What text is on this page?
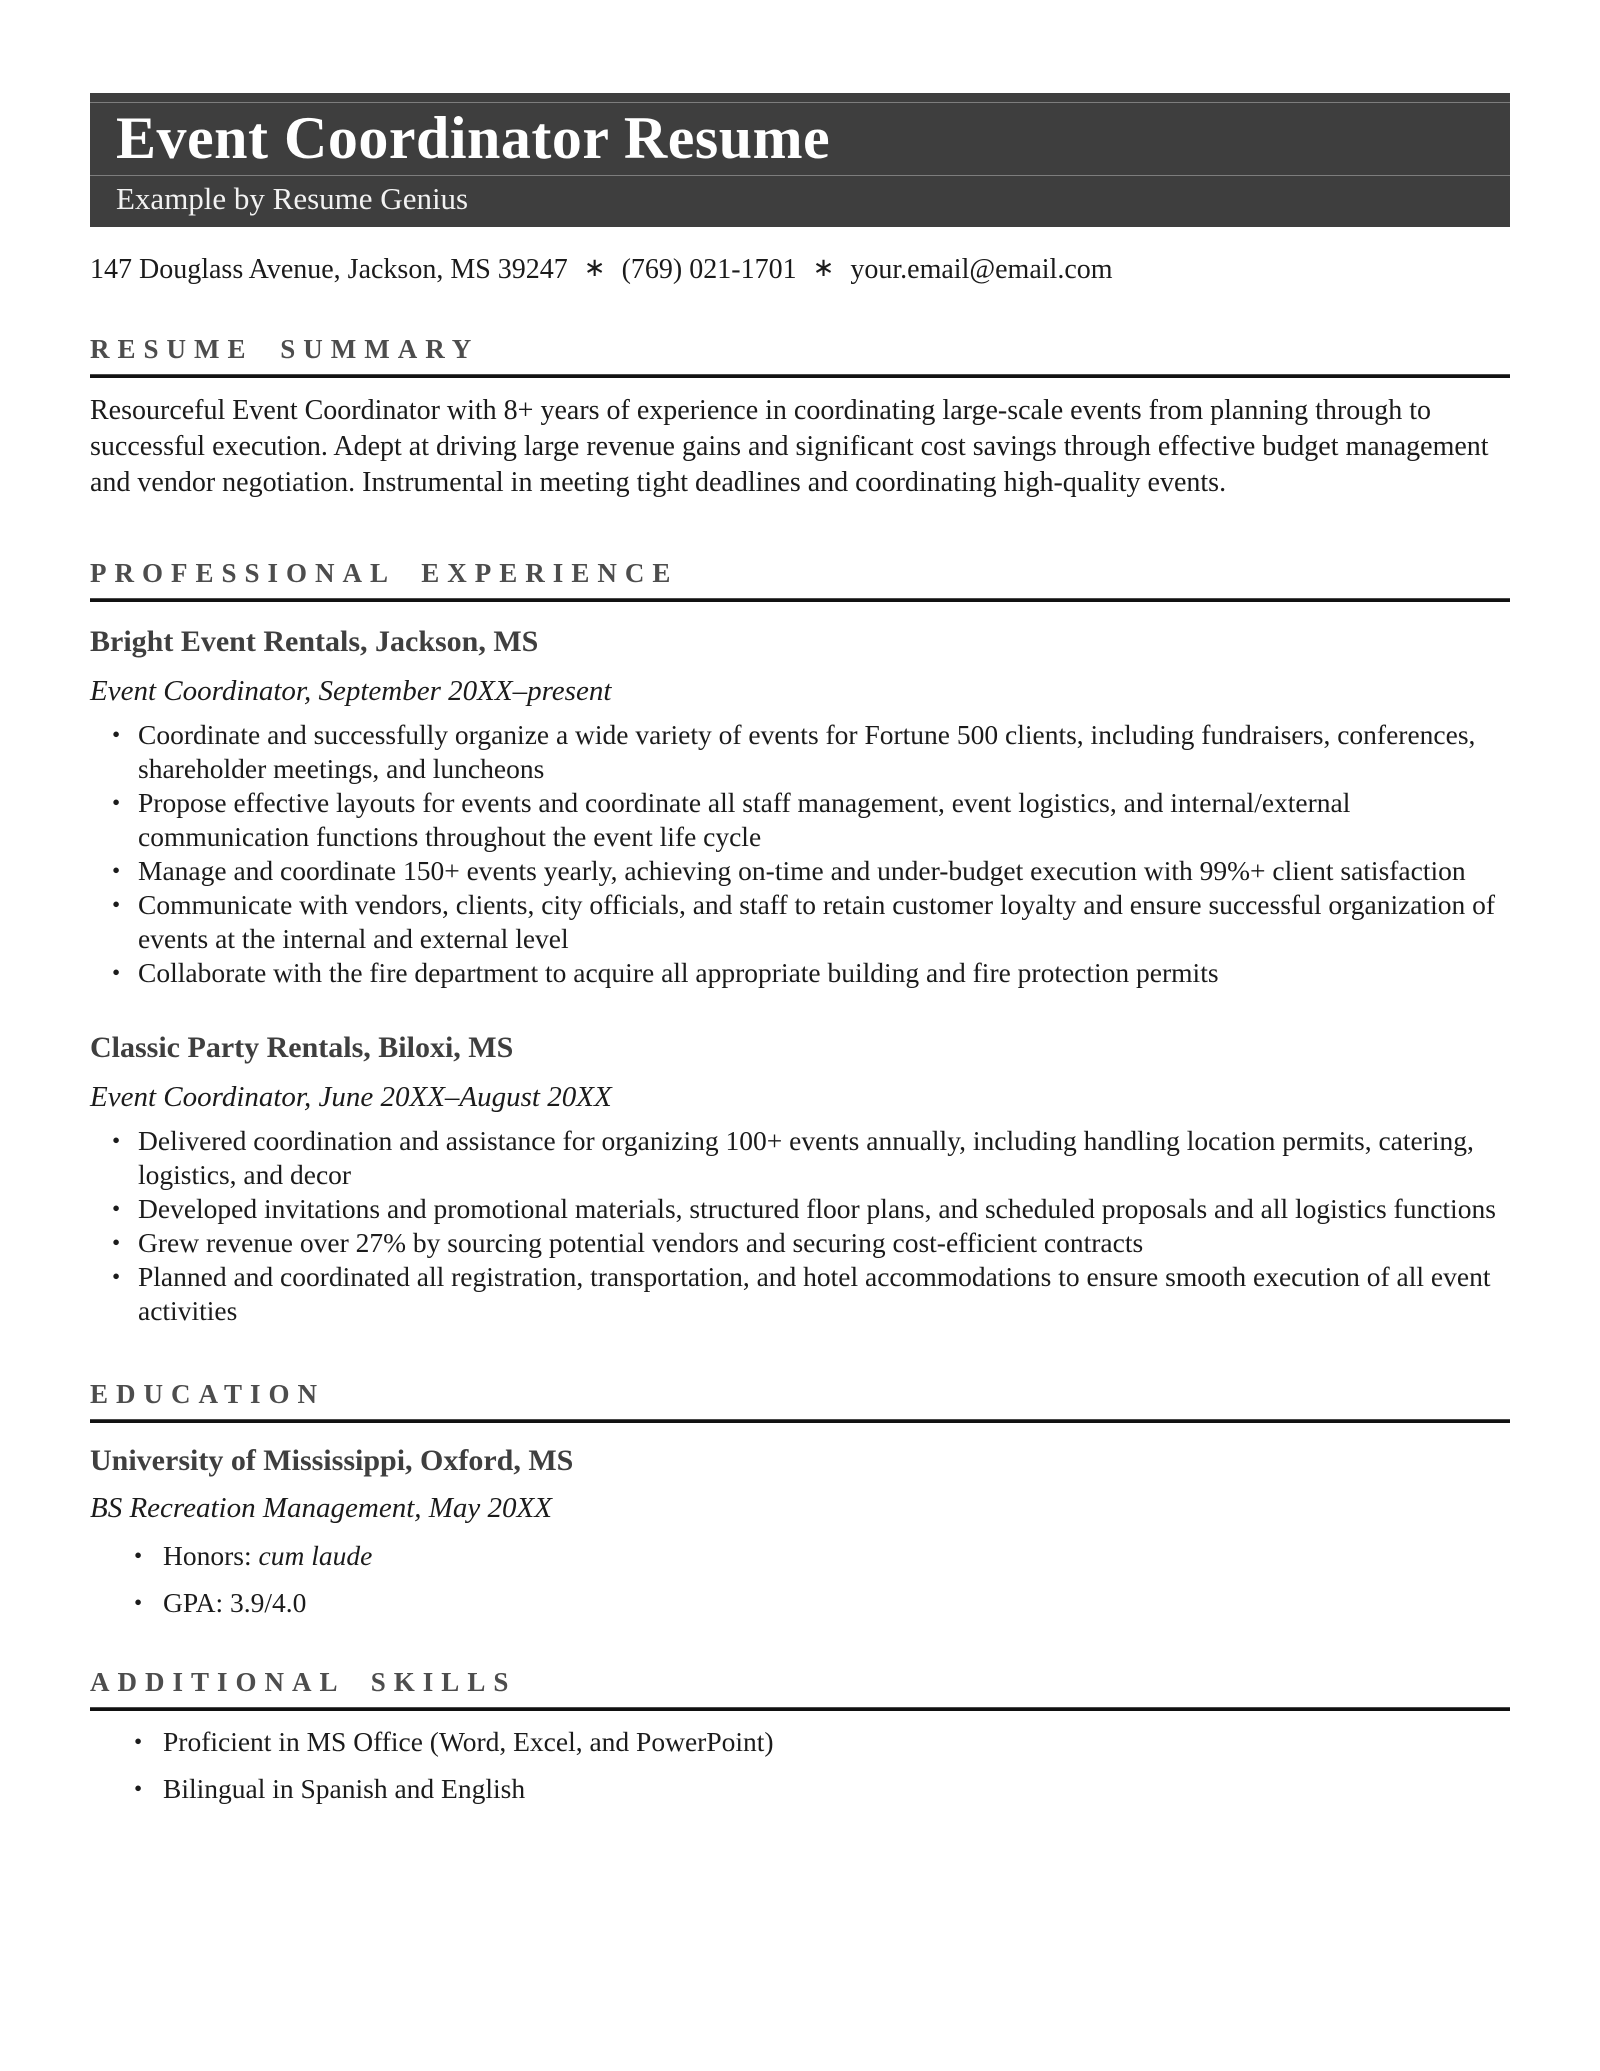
Event Coordinator Resume
Example by Resume Genius
147 Douglass Avenue, Jackson, MS 39247 ∗ (769) 021-1701 ∗ your.email@email.com
RESUME SUMMARY

Resourceful Event Coordinator with 8+ years of experience in coordinating large-scale events from planning through to successful execution. Adept at driving large revenue gains and significant cost savings through effective budget management and vendor negotiation. Instrumental in meeting tight deadlines and coordinating high-quality events.

PROFESSIONAL EXPERIENCE
Bright Event Rentals, Jackson, MS
Event Coordinator, September 20XX–present
• Coordinate and successfully organize a wide variety of events for Fortune 500 clients, including fundraisers, conferences, shareholder meetings, and luncheons
• Propose effective layouts for events and coordinate all staff management, event logistics, and internal/external communication functions throughout the event life cycle
• Manage and coordinate 150+ events yearly, achieving on-time and under-budget execution with 99%+ client satisfaction
• Communicate with vendors, clients, city officials, and staff to retain customer loyalty and ensure successful organization of events at the internal and external level
• Collaborate with the fire department to acquire all appropriate building and fire protection permits
Classic Party Rentals, Biloxi, MS
Event Coordinator, June 20XX–August 20XX
• Delivered coordination and assistance for organizing 100+ events annually, including handling location permits, catering, logistics, and decor
• Developed invitations and promotional materials, structured floor plans, and scheduled proposals and all logistics functions
• Grew revenue over 27% by sourcing potential vendors and securing cost-efficient contracts
• Planned and coordinated all registration, transportation, and hotel accommodations to ensure smooth execution of all event activities
EDUCATION
University of Mississippi, Oxford, MS
BS Recreation Management, May 20XX
• Honors: cum laude
• GPA: 3.9/4.0
ADDITIONAL SKILLS
• Proficient in MS Office (Word, Excel, and PowerPoint)
• Bilingual in Spanish and English
